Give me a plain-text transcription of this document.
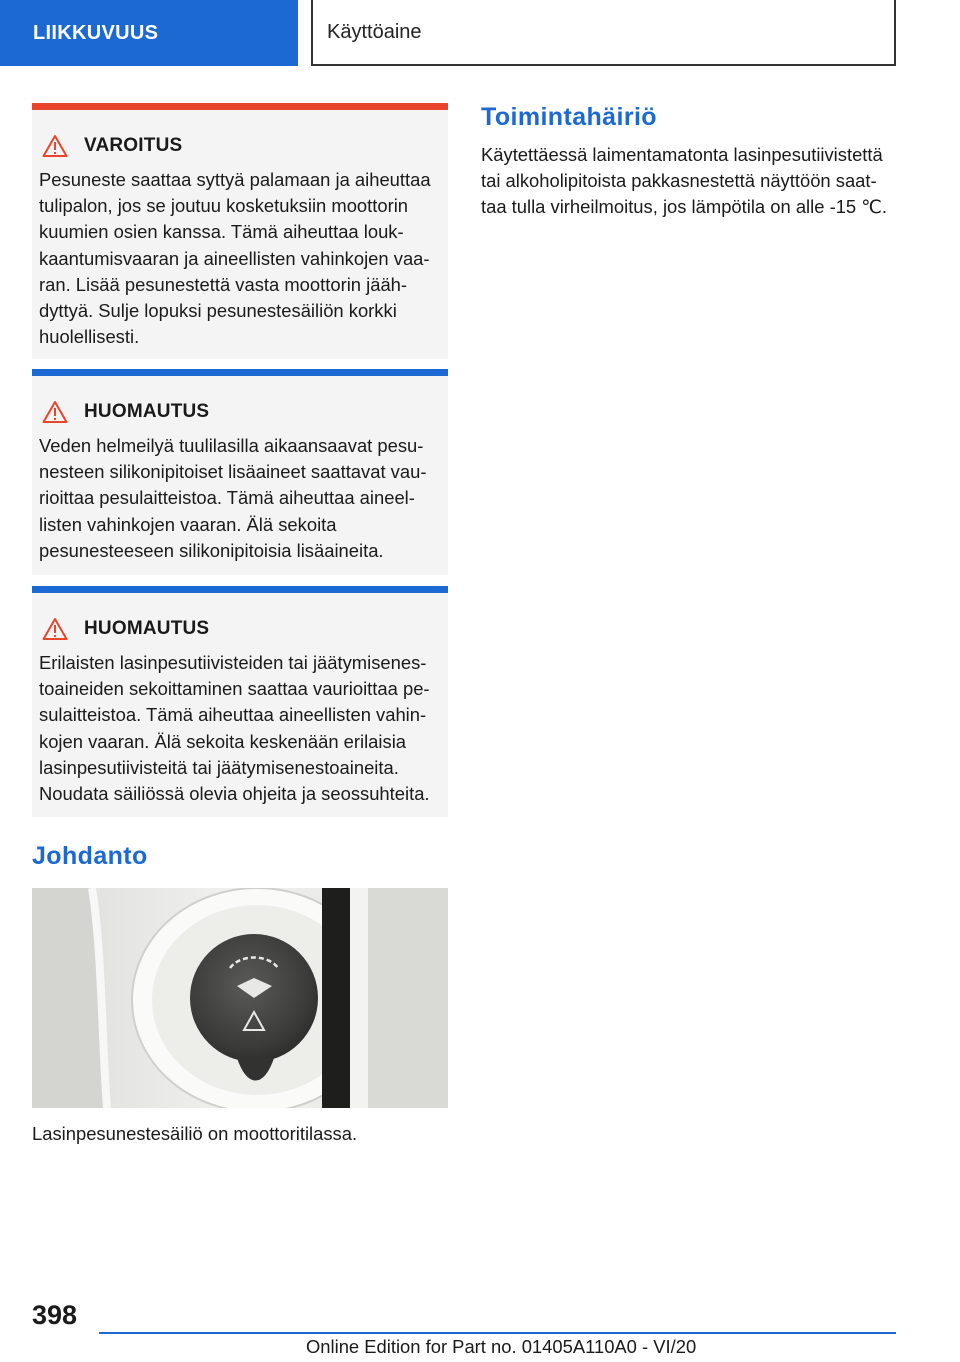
LIIKKUVUUS	Käyttöaine
VAROITUS
Pesuneste saattaa syttyä palamaan ja aiheuttaa
tulipalon, jos se joutuu kosketuksiin moottorin
kuumien osien kanssa. Tämä aiheuttaa louk-
kaantumisvaaran ja aineellisten vahinkojen vaa-
ran. Lisää pesunestettä vasta moottorin jääh-
dyttyä. Sulje lopuksi pesunestesäiliön korkki
huolellisesti.
HUOMAUTUS
Veden helmeilyä tuulilasilla aikaansaavat pesu-
nesteen silikonipitoiset lisäaineet saattavat vau-
rioittaa pesulaitteistoa. Tämä aiheuttaa aineel-
listen vahinkojen vaaran. Älä sekoita
pesunesteeseen silikonipitoisia lisäaineita.
HUOMAUTUS
Erilaisten lasinpesutiivisteiden tai jäätymisenes-
toaineiden sekoittaminen saattaa vaurioittaa pe-
sulaitteistoa. Tämä aiheuttaa aineellisten vahin-
kojen vaaran. Älä sekoita keskenään erilaisia
lasinpesutiivisteitä tai jäätymisenestoaineita.
Noudata säiliössä olevia ohjeita ja seossuhteita.
Johdanto
Lasinpesunestesäiliö on moottoritilassa.
Toimintahäiriö
Käytettäessä laimentamatonta lasinpesutiivistettä
tai alkoholipitoista pakkasnestettä näyttöön saat-
taa tulla virheilmoitus, jos lämpötila on alle -15 ℃.
398
Online Edition for Part no. 01405A110A0 - VI/20
